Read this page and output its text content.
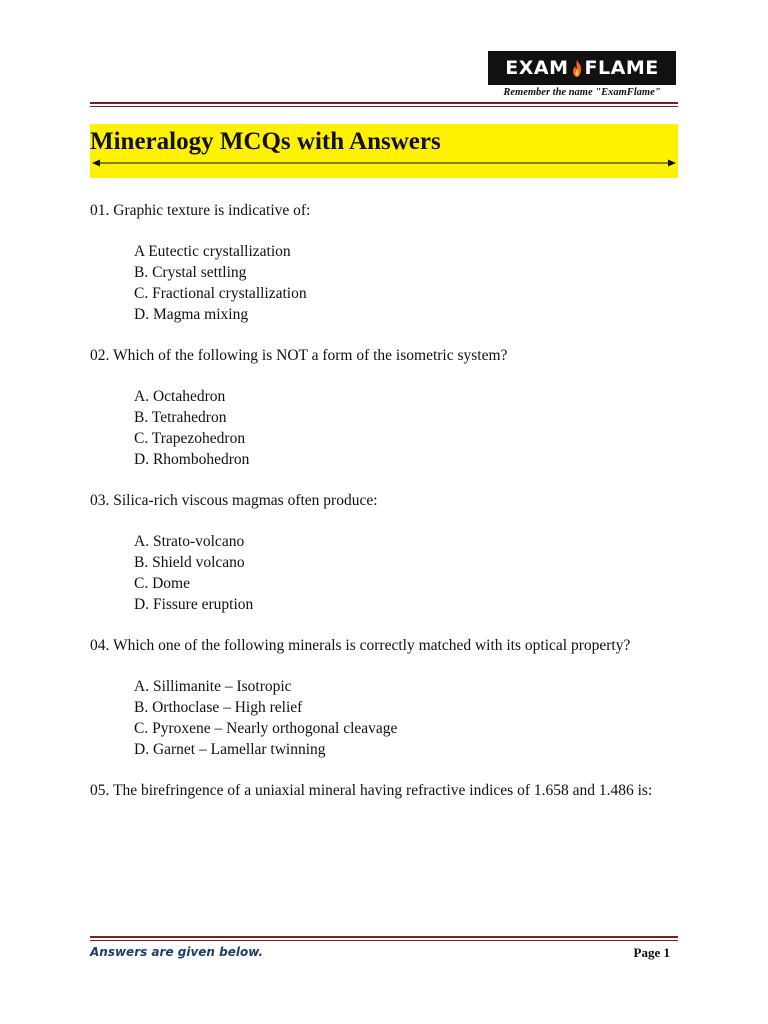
EXAM FLAME
Remember the name "ExamFlame"
Mineralogy MCQs with Answers
01. Graphic texture is indicative of:
A Eutectic crystallization
B. Crystal settling
C. Fractional crystallization
D. Magma mixing
02. Which of the following is NOT a form of the isometric system?
A. Octahedron
B. Tetrahedron
C. Trapezohedron
D. Rhombohedron
03. Silica-rich viscous magmas often produce:
A. Strato-volcano
B. Shield volcano
C. Dome
D. Fissure eruption
04. Which one of the following minerals is correctly matched with its optical property?
A. Sillimanite – Isotropic
B. Orthoclase – High relief
C. Pyroxene – Nearly orthogonal cleavage
D. Garnet – Lamellar twinning
05. The birefringence of a uniaxial mineral having refractive indices of 1.658 and 1.486 is:
Answers are given below.	Page 1
